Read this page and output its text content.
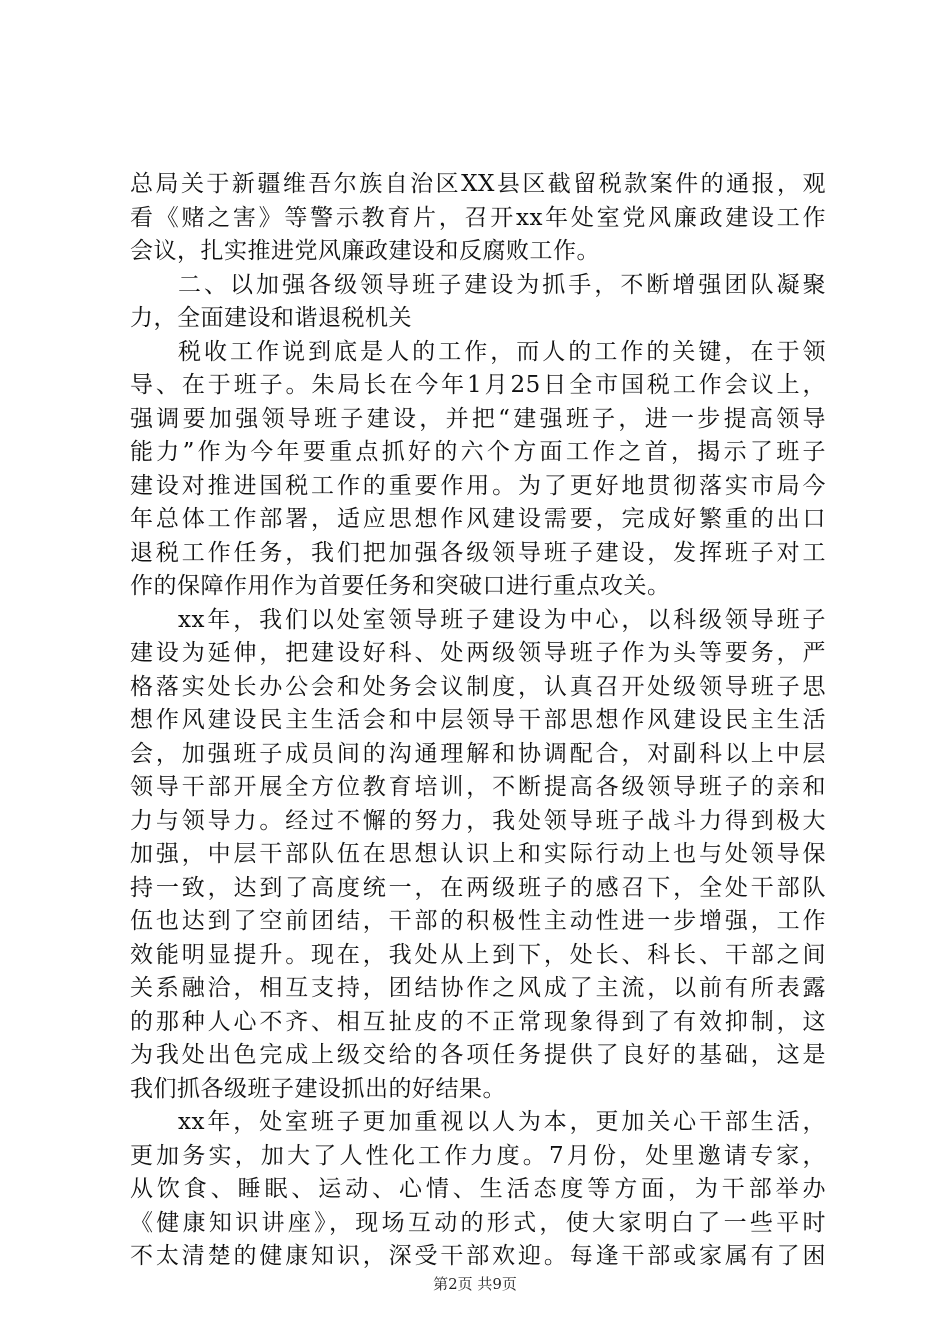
总局关于新疆维吾尔族自治区XX县区截留税款案件的通报，观
看《赌之害》等警示教育片，召开xx年处室党风廉政建设工作
会议，扎实推进党风廉政建设和反腐败工作。
二、以加强各级领导班子建设为抓手，不断增强团队凝聚
力，全面建设和谐退税机关
税收工作说到底是人的工作，而人的工作的关键，在于领
导、在于班子。朱局长在今年1月25日全市国税工作会议上，
强调要加强领导班子建设，并把“建强班子，进一步提高领导
能力”作为今年要重点抓好的六个方面工作之首，揭示了班子
建设对推进国税工作的重要作用。为了更好地贯彻落实市局今
年总体工作部署，适应思想作风建设需要，完成好繁重的出口
退税工作任务，我们把加强各级领导班子建设，发挥班子对工
作的保障作用作为首要任务和突破口进行重点攻关。
xx年，我们以处室领导班子建设为中心，以科级领导班子
建设为延伸，把建设好科、处两级领导班子作为头等要务，严
格落实处长办公会和处务会议制度，认真召开处级领导班子思
想作风建设民主生活会和中层领导干部思想作风建设民主生活
会，加强班子成员间的沟通理解和协调配合，对副科以上中层
领导干部开展全方位教育培训，不断提高各级领导班子的亲和
力与领导力。经过不懈的努力，我处领导班子战斗力得到极大
加强，中层干部队伍在思想认识上和实际行动上也与处领导保
持一致，达到了高度统一，在两级班子的感召下，全处干部队
伍也达到了空前团结，干部的积极性主动性进一步增强，工作
效能明显提升。现在，我处从上到下，处长、科长、干部之间
关系融洽，相互支持，团结协作之风成了主流，以前有所表露
的那种人心不齐、相互扯皮的不正常现象得到了有效抑制，这
为我处出色完成上级交给的各项任务提供了良好的基础，这是
我们抓各级班子建设抓出的好结果。
xx年，处室班子更加重视以人为本，更加关心干部生活，
更加务实，加大了人性化工作力度。7月份，处里邀请专家，
从饮食、睡眠、运动、心情、生活态度等方面，为干部举办
《健康知识讲座》，现场互动的形式，使大家明白了一些平时
不太清楚的健康知识，深受干部欢迎。每逢干部或家属有了困
第2页 共9页
